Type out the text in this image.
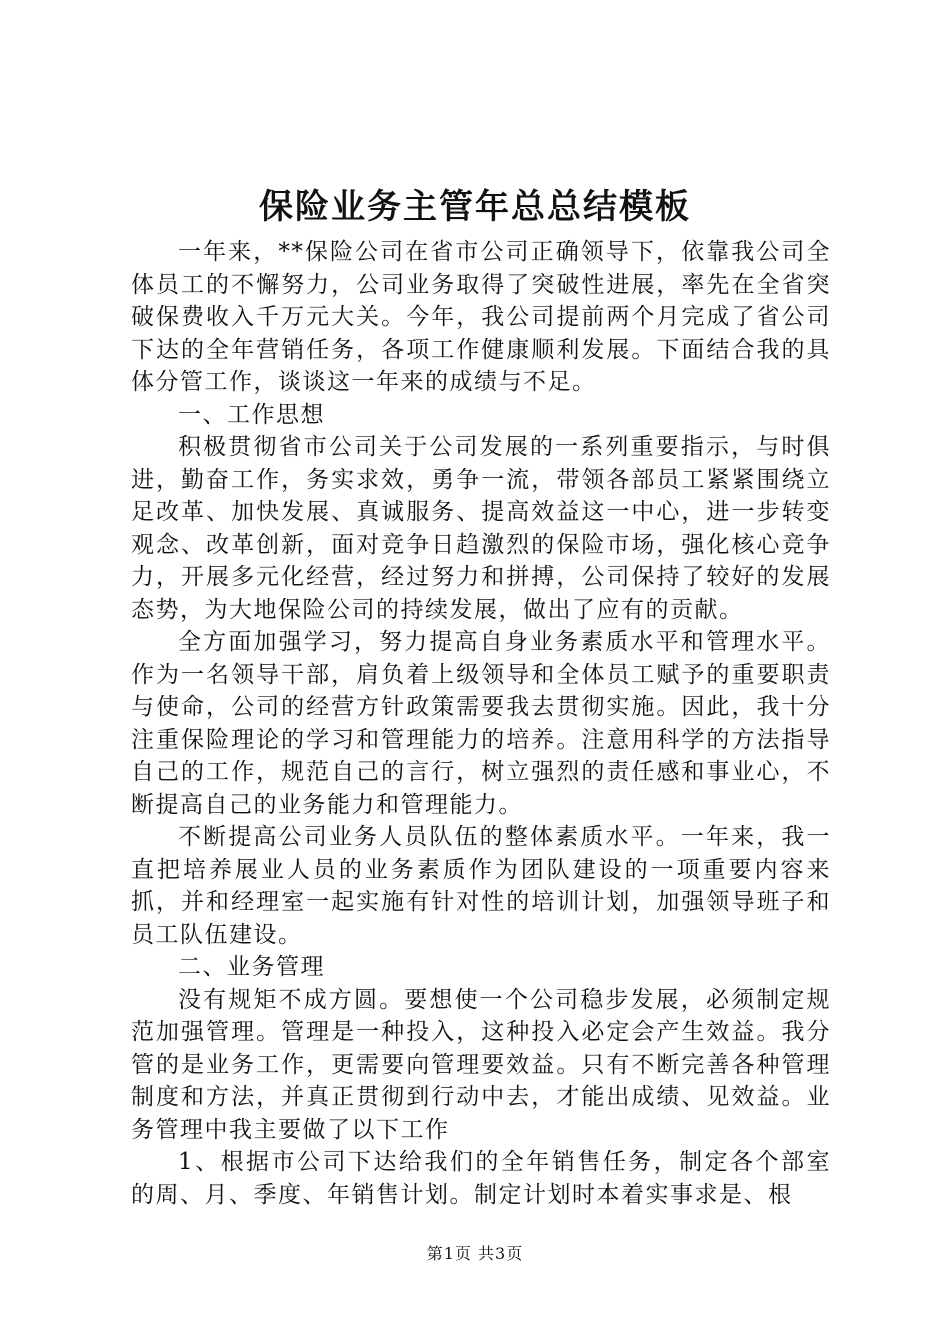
保险业务主管年总总结模板

一年来，**保险公司在省市公司正确领导下，依靠我公司全体员工的不懈努力，公司业务取得了突破性进展，率先在全省突破保费收入千万元大关。今年，我公司提前两个月完成了省公司下达的全年营销任务，各项工作健康顺利发展。下面结合我的具体分管工作，谈谈这一年来的成绩与不足。

一、工作思想

积极贯彻省市公司关于公司发展的一系列重要指示，与时俱进，勤奋工作，务实求效，勇争一流，带领各部员工紧紧围绕立足改革、加快发展、真诚服务、提高效益这一中心，进一步转变观念、改革创新，面对竞争日趋激烈的保险市场，强化核心竞争力，开展多元化经营，经过努力和拼搏，公司保持了较好的发展态势，为大地保险公司的持续发展，做出了应有的贡献。

全方面加强学习，努力提高自身业务素质水平和管理水平。作为一名领导干部，肩负着上级领导和全体员工赋予的重要职责与使命，公司的经营方针政策需要我去贯彻实施。因此，我十分注重保险理论的学习和管理能力的培养。注意用科学的方法指导自己的工作，规范自己的言行，树立强烈的责任感和事业心，不断提高自己的业务能力和管理能力。

不断提高公司业务人员队伍的整体素质水平。一年来，我一直把培养展业人员的业务素质作为团队建设的一项重要内容来抓，并和经理室一起实施有针对性的培训计划，加强领导班子和员工队伍建设。

二、业务管理

没有规矩不成方圆。要想使一个公司稳步发展，必须制定规范加强管理。管理是一种投入，这种投入必定会产生效益。我分管的是业务工作，更需要向管理要效益。只有不断完善各种管理制度和方法，并真正贯彻到行动中去，才能出成绩、见效益。业务管理中我主要做了以下工作

1、根据市公司下达给我们的全年销售任务，制定各个部室的周、月、季度、年销售计划。制定计划时本着实事求是、根

第1页 共3页
